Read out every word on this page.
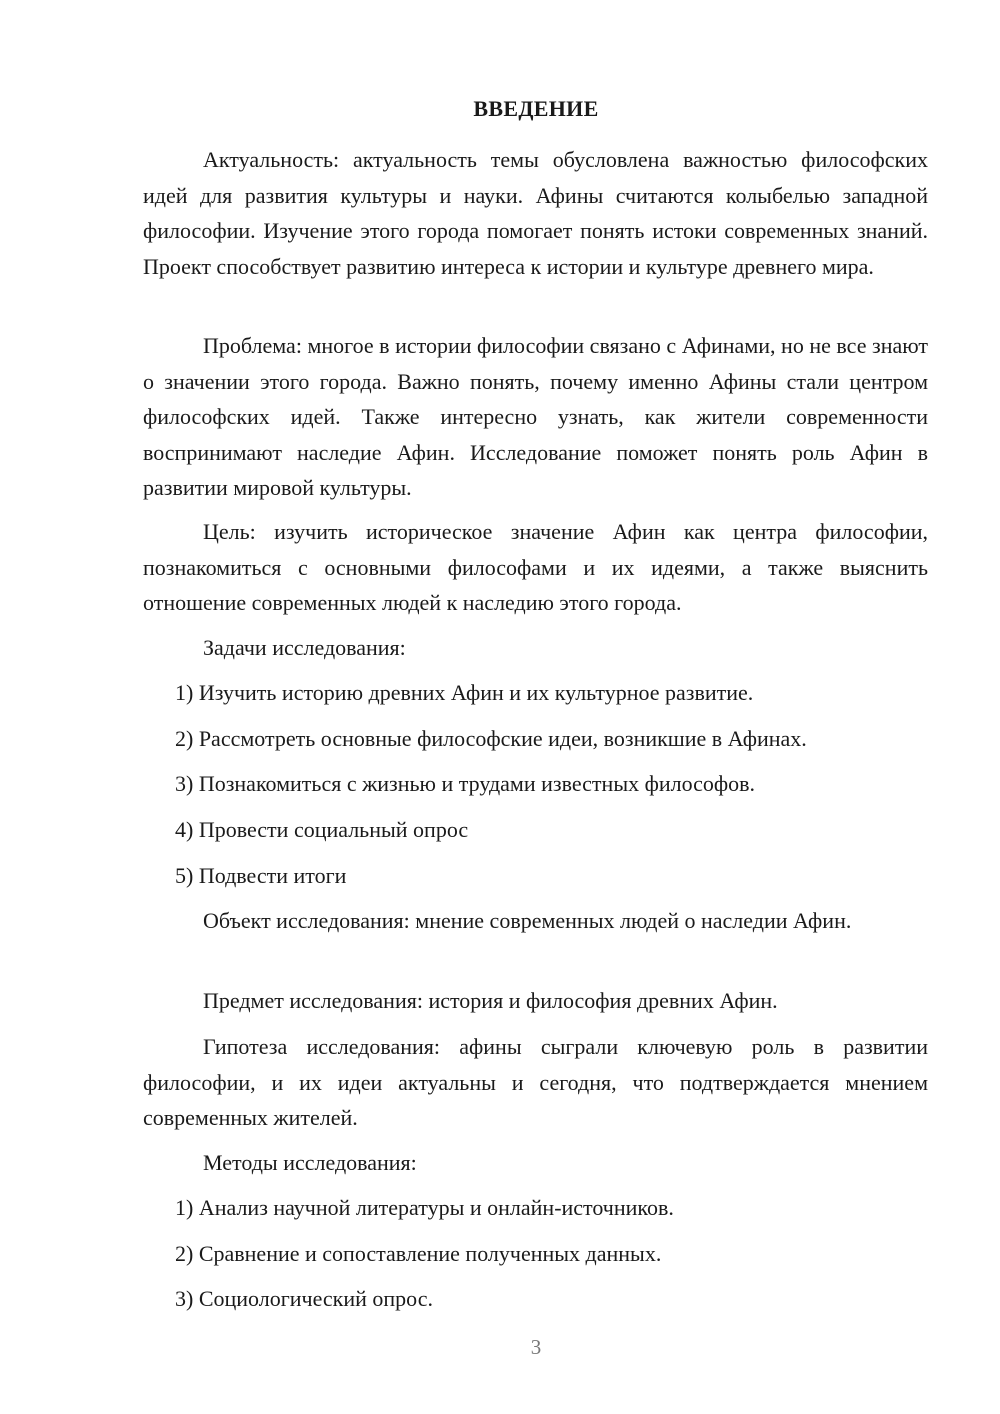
ВВЕДЕНИЕ

Актуальность: актуальность темы обусловлена важностью философских идей для развития культуры и науки. Афины считаются колыбелью западной философии. Изучение этого города помогает понять истоки современных знаний. Проект способствует развитию интереса к истории и культуре древнего мира.

Проблема: многое в истории философии связано с Афинами, но не все знают о значении этого города. Важно понять, почему именно Афины стали центром философских идей. Также интересно узнать, как жители современности воспринимают наследие Афин. Исследование поможет понять роль Афин в развитии мировой культуры.

Цель: изучить историческое значение Афин как центра философии, познакомиться с основными философами и их идеями, а также выяснить отношение современных людей к наследию этого города.

Задачи исследования:

1) Изучить историю древних Афин и их культурное развитие.

2) Рассмотреть основные философские идеи, возникшие в Афинах.

3) Познакомиться с жизнью и трудами известных философов.

4) Провести социальный опрос

5) Подвести итоги

Объект исследования: мнение современных людей о наследии Афин.

Предмет исследования: история и философия древних Афин.

Гипотеза исследования: афины сыграли ключевую роль в развитии философии, и их идеи актуальны и сегодня, что подтверждается мнением современных жителей.

Методы исследования:

1) Анализ научной литературы и онлайн-источников.

2) Сравнение и сопоставление полученных данных.

3) Социологический опрос.

3
